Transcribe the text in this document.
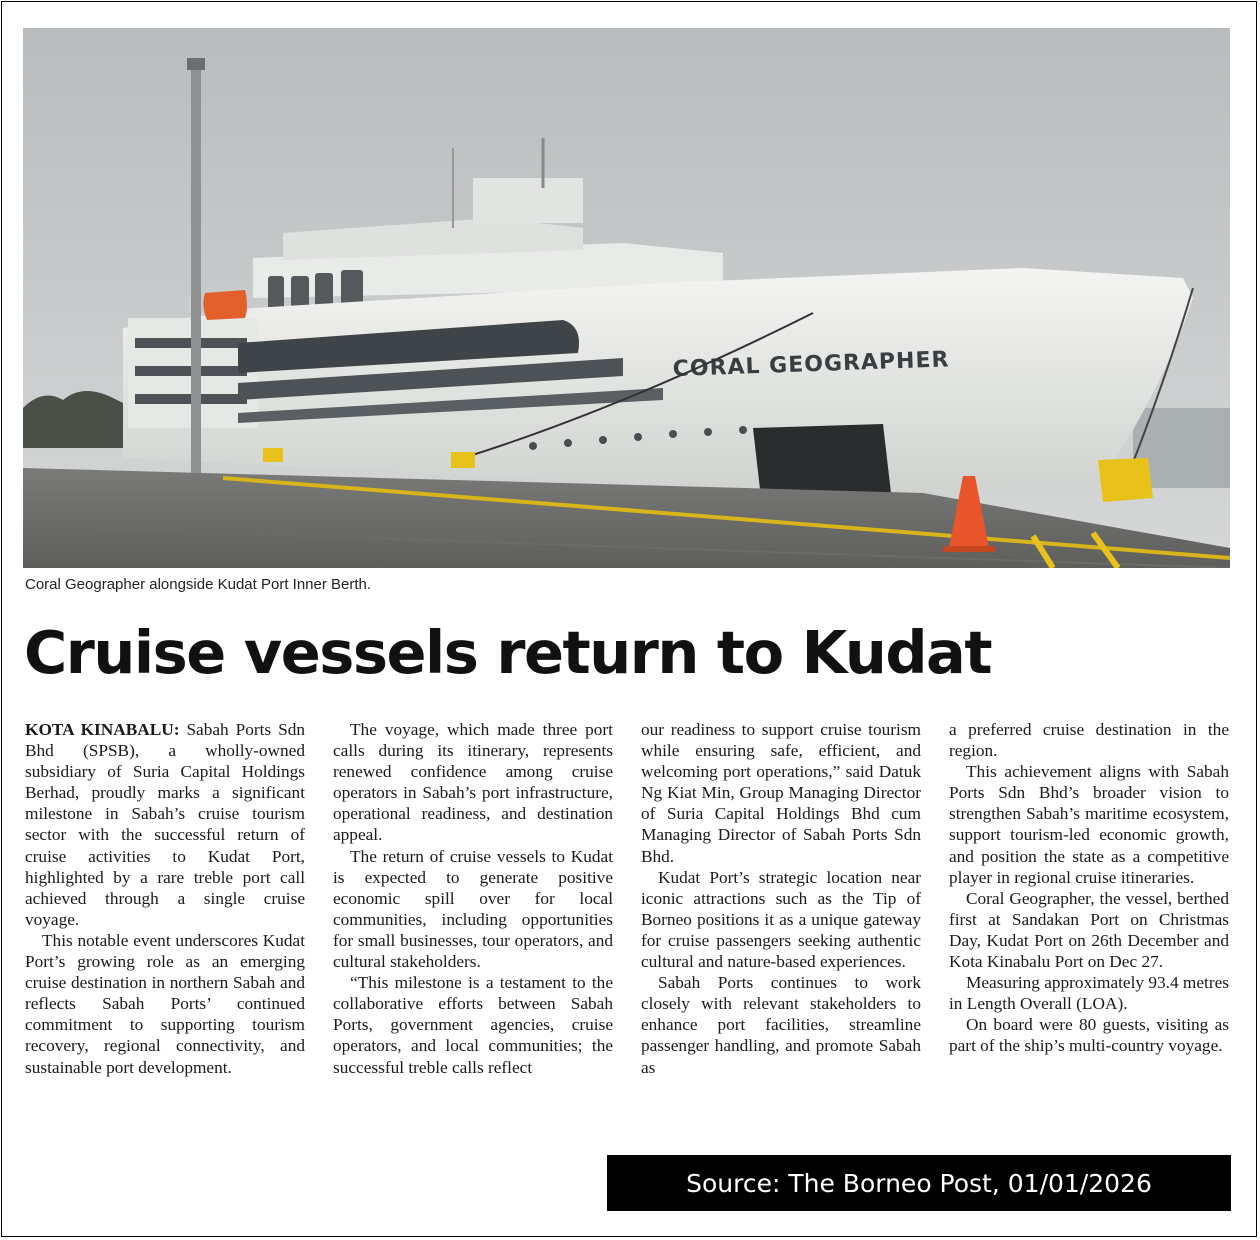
CORAL GEOGRAPHER
Coral Geographer alongside Kudat Port Inner Berth.
Cruise vessels return to Kudat

KOTA KINABALU: Sabah Ports Sdn Bhd (SPSB), a wholly-owned subsidiary of Suria Capital Holdings Berhad, proudly marks a significant milestone in Sabah’s cruise tourism sector with the successful return of cruise activities to Kudat Port, highlighted by a rare treble port call achieved through a single cruise voyage.

This notable event underscores Kudat Port’s growing role as an emerging cruise destination in northern Sabah and reflects Sabah Ports’ continued commitment to supporting tourism recovery, regional connectivity, and sustainable port development.

The voyage, which made three port calls during its itinerary, represents renewed confidence among cruise operators in Sabah’s port infrastructure, operational readiness, and destination appeal.

The return of cruise vessels to Kudat is expected to generate positive economic spill over for local communities, including opportunities for small businesses, tour operators, and cultural stakeholders.

“This milestone is a testament to the collaborative efforts between Sabah Ports, government agencies, cruise operators, and local communities; the successful treble calls reflect

our readiness to support cruise tourism while ensuring safe, efficient, and welcoming port operations,” said Datuk Ng Kiat Min, Group Managing Director of Suria Capital Holdings Bhd cum Managing Director of Sabah Ports Sdn Bhd.

Kudat Port’s strategic location near iconic attractions such as the Tip of Borneo positions it as a unique gateway for cruise passengers seeking authentic cultural and nature-based experiences.

Sabah Ports continues to work closely with relevant stakeholders to enhance port facilities, streamline passenger handling, and promote Sabah as

a preferred cruise destination in the region.

This achievement aligns with Sabah Ports Sdn Bhd’s broader vision to strengthen Sabah’s maritime ecosystem, support tourism-led economic growth, and position the state as a competitive player in regional cruise itineraries.

Coral Geographer, the vessel, berthed first at Sandakan Port on Christmas Day, Kudat Port on 26th December and Kota Kinabalu Port on Dec 27.

Measuring approximately 93.4 metres in Length Overall (LOA).

On board were 80 guests, visiting as part of the ship’s multi-country voyage.

Source: The Borneo Post, 01/01/2026
